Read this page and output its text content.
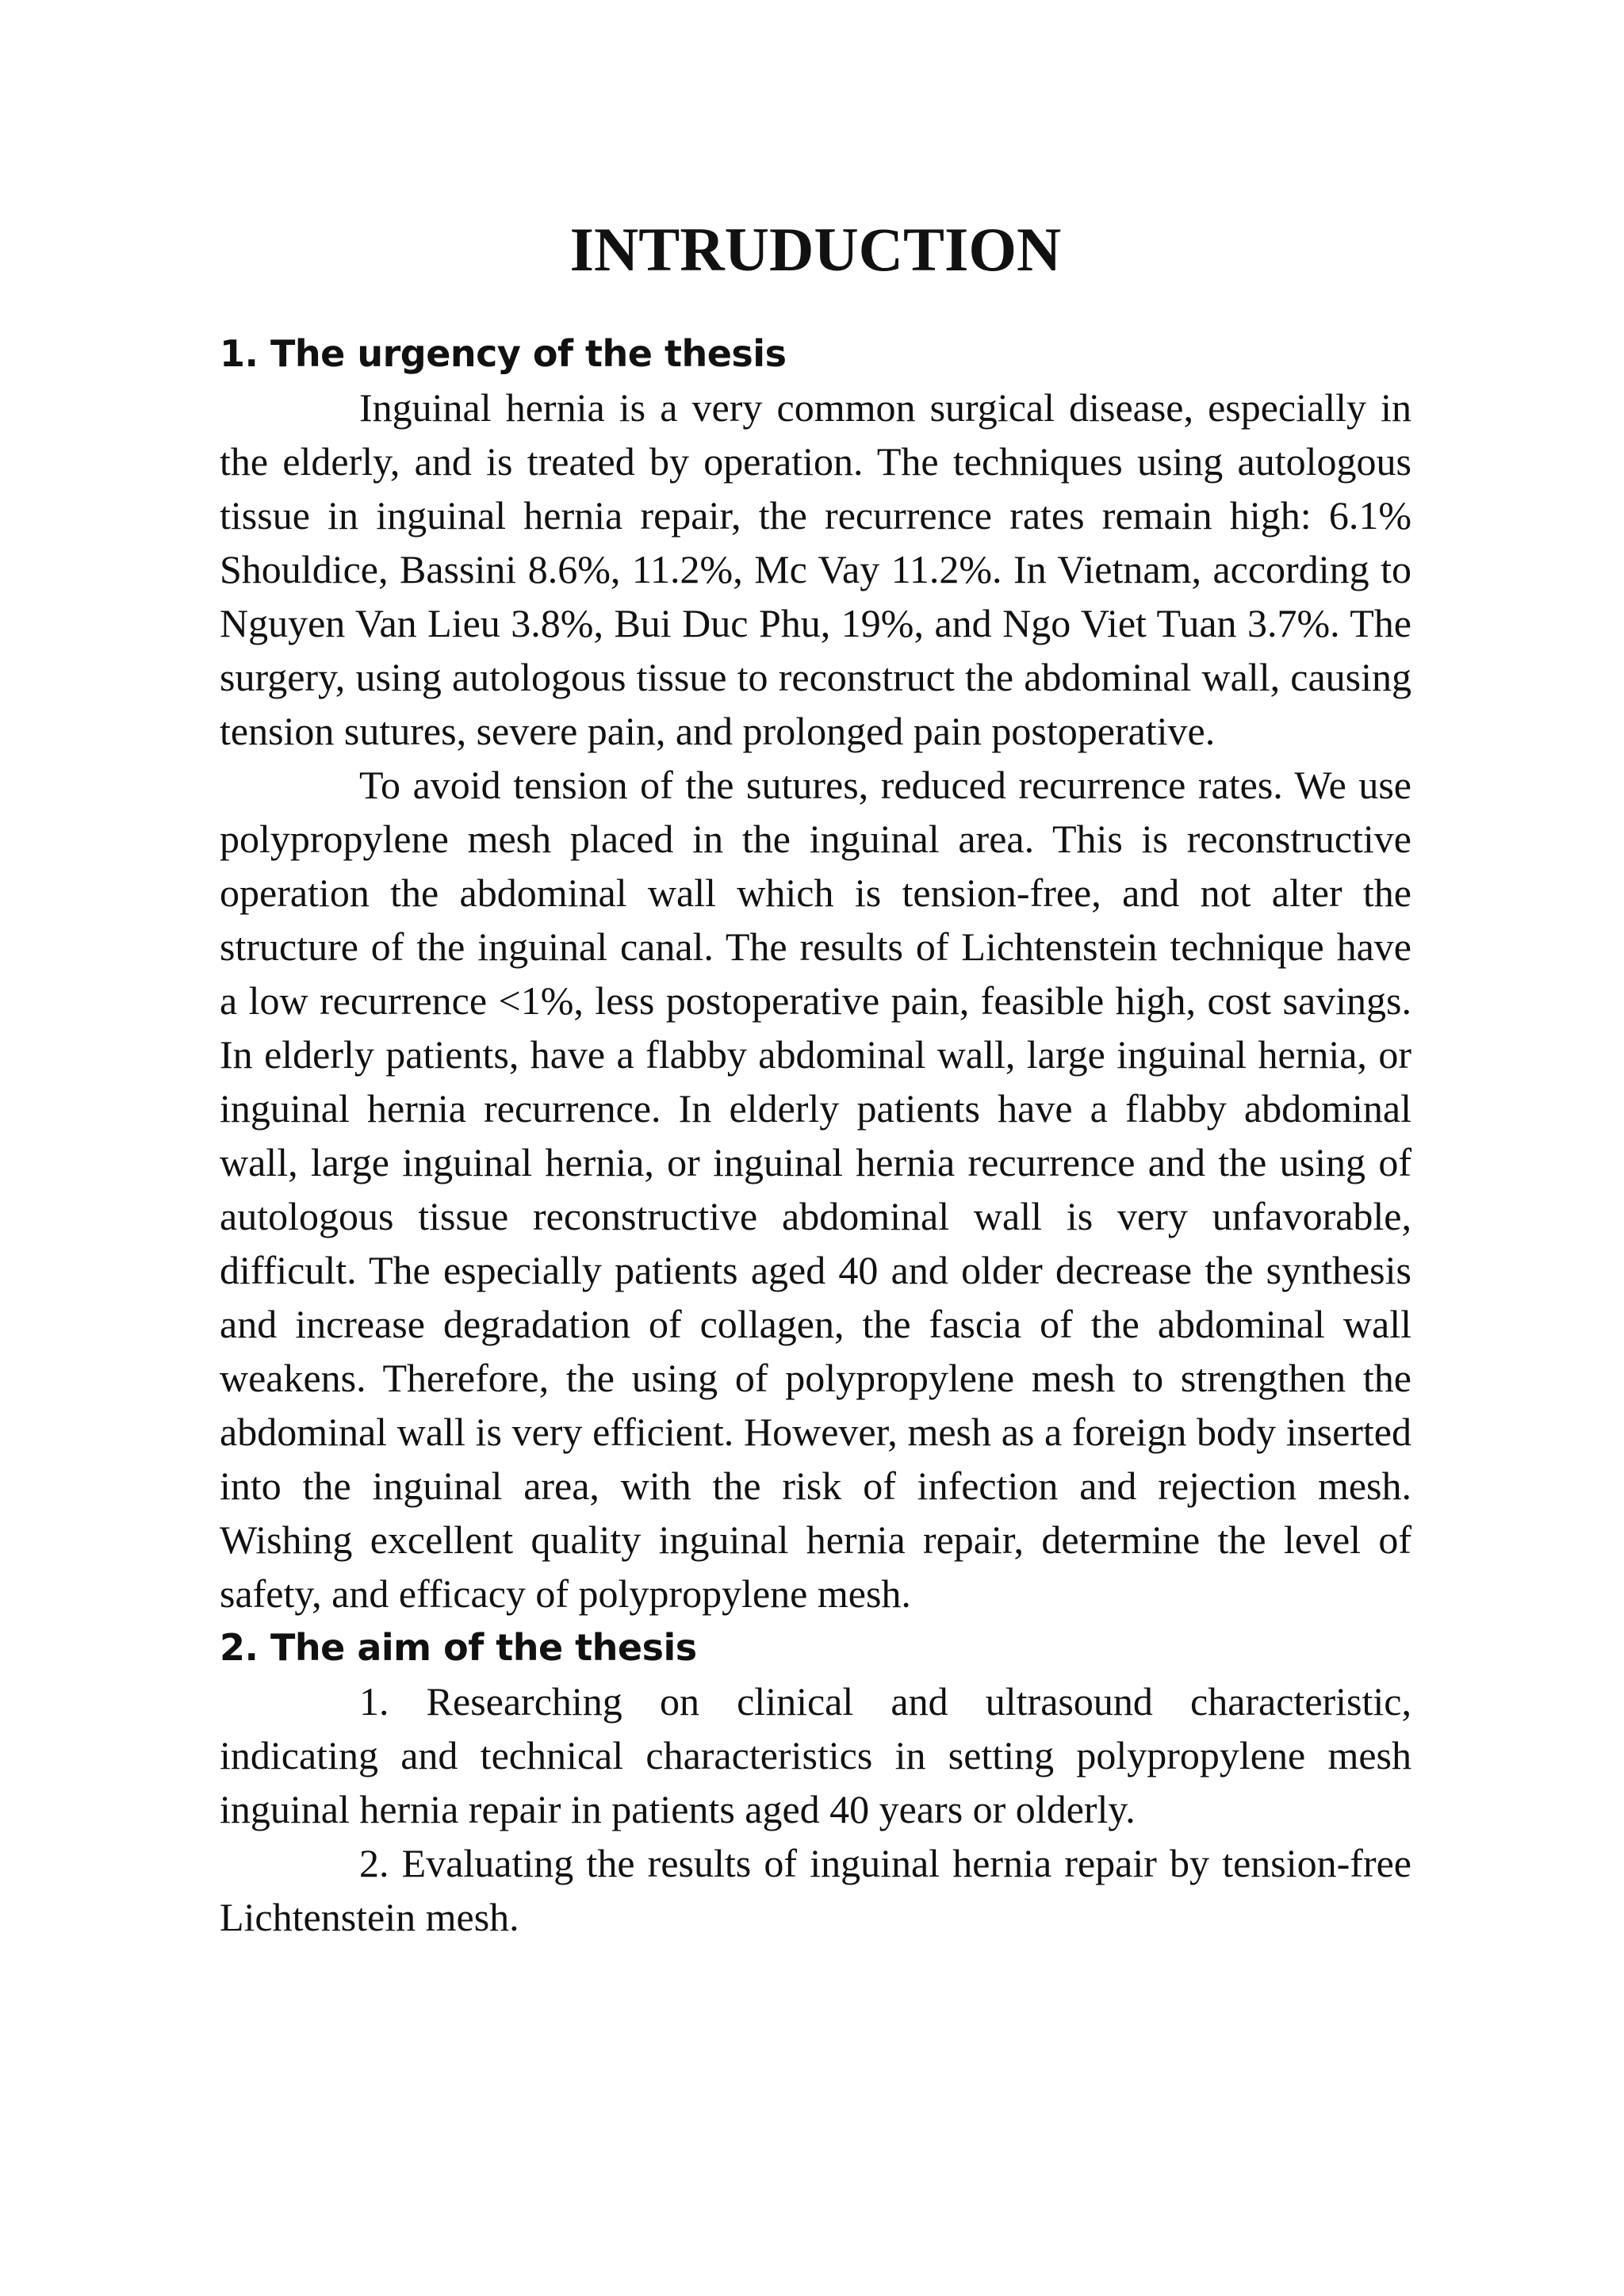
INTRUDUCTION
1. The urgency of the thesis

Inguinal hernia is a very common surgical disease, especially in the elderly, and is treated by operation. The techniques using autologous tissue in inguinal hernia repair, the recurrence rates remain high: 6.1% Shouldice, Bassini 8.6%, 11.2%, Mc Vay 11.2%. In Vietnam, according to Nguyen Van Lieu 3.8%, Bui Duc Phu, 19%, and Ngo Viet Tuan 3.7%. The surgery, using autologous tissue to reconstruct the abdominal wall, causing tension sutures, severe pain, and prolonged pain postoperative.

To avoid tension of the sutures, reduced recurrence rates. We use polypropylene mesh placed in the inguinal area. This is reconstructive operation the abdominal wall which is tension-free, and not alter the structure of the inguinal canal. The results of Lichtenstein technique have a low recurrence <1%, less postoperative pain, feasible high, cost savings. In elderly patients, have a flabby abdominal wall, large inguinal hernia, or inguinal hernia recurrence. In elderly patients have a flabby abdominal wall, large inguinal hernia, or inguinal hernia recurrence and the using of autologous tissue reconstructive abdominal wall is very unfavorable, difficult. The especially patients aged 40 and older decrease the synthesis and increase degradation of collagen, the fascia of the abdominal wall weakens. Therefore, the using of polypropylene mesh to strengthen the abdominal wall is very efficient. However, mesh as a foreign body inserted into the inguinal area, with the risk of infection and rejection mesh. Wishing excellent quality inguinal hernia repair, determine the level of safety, and efficacy of polypropylene mesh.

2. The aim of the thesis

1. Researching on clinical and ultrasound characteristic, indicating and technical characteristics in setting polypropylene mesh inguinal hernia repair in patients aged 40 years or olderly.

2. Evaluating the results of inguinal hernia repair by tension-free Lichtenstein mesh.
